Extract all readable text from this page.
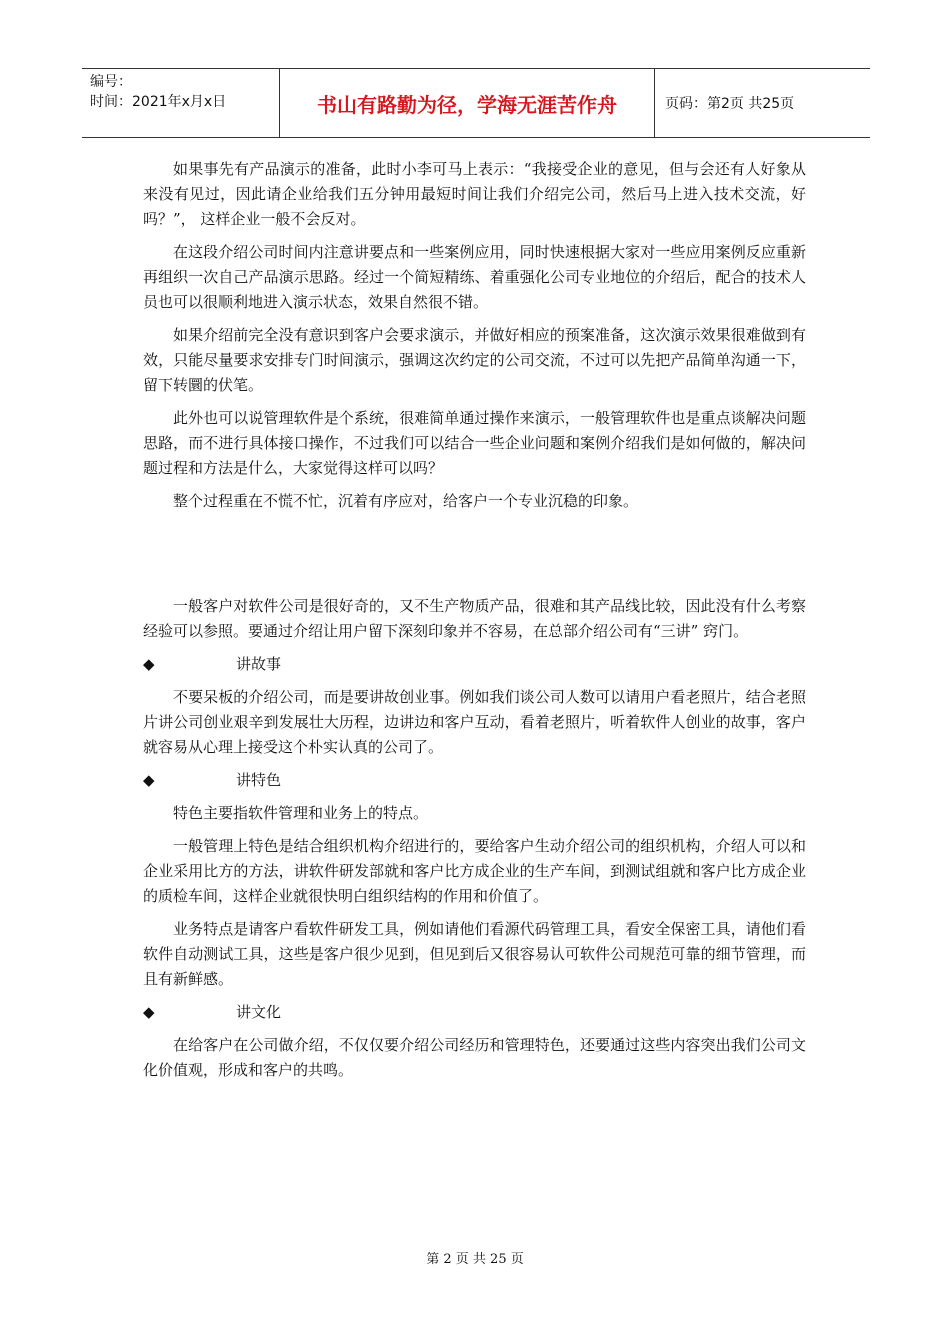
编号：
时间：2021年x月x日	书山有路勤为径，学海无涯苦作舟	页码：第2页 共25页

如果事先有产品演示的准备，此时小李可马上表示：“我接受企业的意见，但与会还有人好象从来没有见过，因此请企业给我们五分钟用最短时间让我们介绍完公司，然后马上进入技术交流，好吗？”， 这样企业一般不会反对。

在这段介绍公司时间内注意讲要点和一些案例应用，同时快速根据大家对一些应用案例反应重新再组织一次自己产品演示思路。经过一个简短精练、着重强化公司专业地位的介绍后，配合的技术人员也可以很顺利地进入演示状态，效果自然很不错。

如果介绍前完全没有意识到客户会要求演示，并做好相应的预案准备，这次演示效果很难做到有效，只能尽量要求安排专门时间演示，强调这次约定的公司交流，不过可以先把产品简单沟通一下，留下转圜的伏笔。

此外也可以说管理软件是个系统，很难简单通过操作来演示，一般管理软件也是重点谈解决问题思路，而不进行具体接口操作，不过我们可以结合一些企业问题和案例介绍我们是如何做的，解决问题过程和方法是什么，大家觉得这样可以吗？

整个过程重在不慌不忙，沉着有序应对，给客户一个专业沉稳的印象。

一般客户对软件公司是很好奇的，又不生产物质产品，很难和其产品线比较，因此没有什么考察经验可以参照。要通过介绍让用户留下深刻印象并不容易，在总部介绍公司有“三讲” 窍门。

◆	讲故事

不要呆板的介绍公司，而是要讲故创业事。例如我们谈公司人数可以请用户看老照片，结合老照片讲公司创业艰辛到发展壮大历程，边讲边和客户互动，看着老照片，听着软件人创业的故事，客户就容易从心理上接受这个朴实认真的公司了。

◆	讲特色

特色主要指软件管理和业务上的特点。

一般管理上特色是结合组织机构介绍进行的，要给客户生动介绍公司的组织机构，介绍人可以和企业采用比方的方法，讲软件研发部就和客户比方成企业的生产车间，到测试组就和客户比方成企业的质检车间，这样企业就很快明白组织结构的作用和价值了。

业务特点是请客户看软件研发工具，例如请他们看源代码管理工具，看安全保密工具，请他们看软件自动测试工具，这些是客户很少见到，但见到后又很容易认可软件公司规范可靠的细节管理，而且有新鲜感。

◆	讲文化

在给客户在公司做介绍，不仅仅要介绍公司经历和管理特色，还要通过这些内容突出我们公司文化价值观，形成和客户的共鸣。

第 2 页 共 25 页
